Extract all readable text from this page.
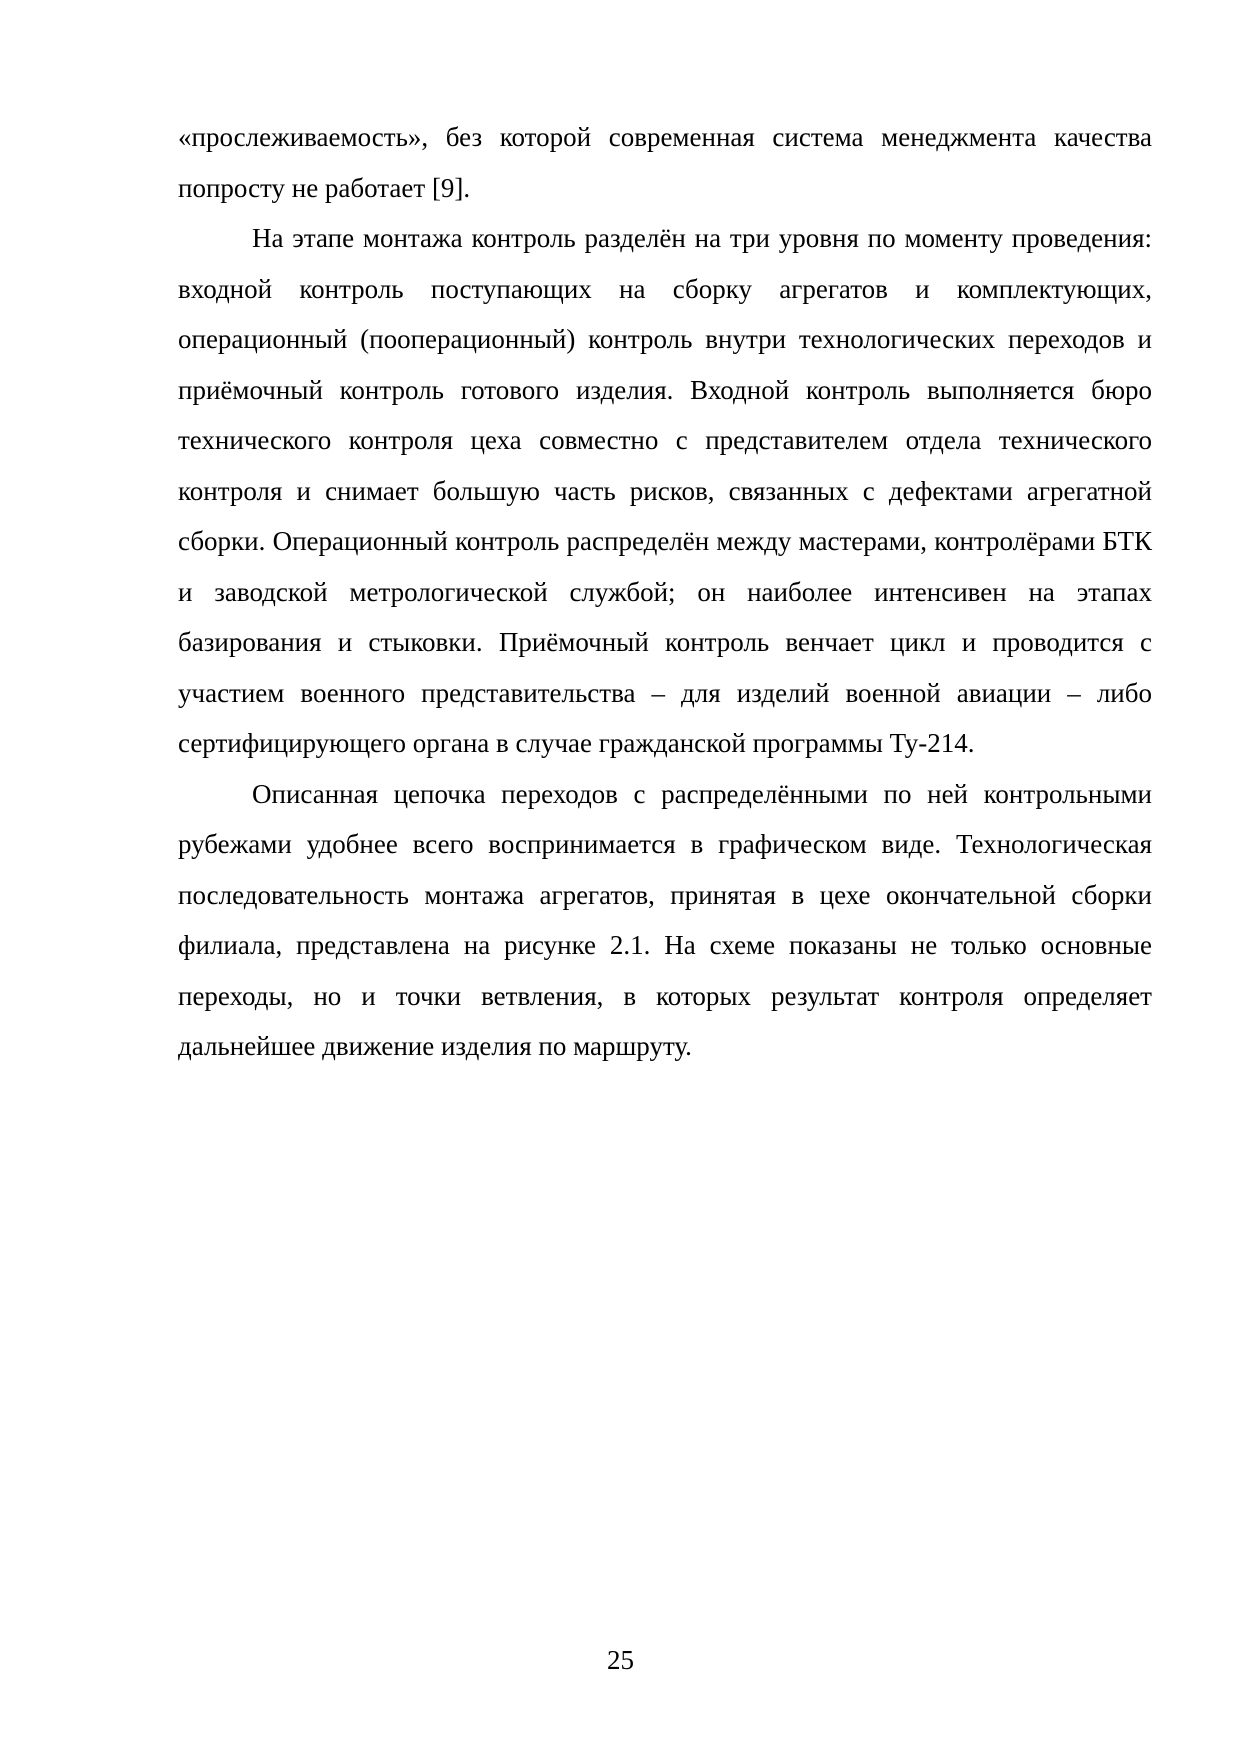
«прослеживаемость», без которой современная система менеджмента качества попросту не работает [9].

На этапе монтажа контроль разделён на три уровня по моменту проведения: входной контроль поступающих на сборку агрегатов и комплектующих, операционный (пооперационный) контроль внутри технологических переходов и приёмочный контроль готового изделия. Входной контроль выполняется бюро технического контроля цеха совместно с представителем отдела технического контроля и снимает большую часть рисков, связанных с дефектами агрегатной сборки. Операционный контроль распределён между мастерами, контролёрами БТК и заводской метрологической службой; он наиболее интенсивен на этапах базирования и стыковки. Приёмочный контроль венчает цикл и проводится с участием военного представительства – для изделий военной авиации – либо сертифицирующего органа в случае гражданской программы Ту-214.

Описанная цепочка переходов с распределёнными по ней контрольными рубежами удобнее всего воспринимается в графическом виде. Технологическая последовательность монтажа агрегатов, принятая в цехе окончательной сборки филиала, представлена на рисунке 2.1. На схеме показаны не только основные переходы, но и точки ветвления, в которых результат контроля определяет дальнейшее движение изделия по маршруту.

25
